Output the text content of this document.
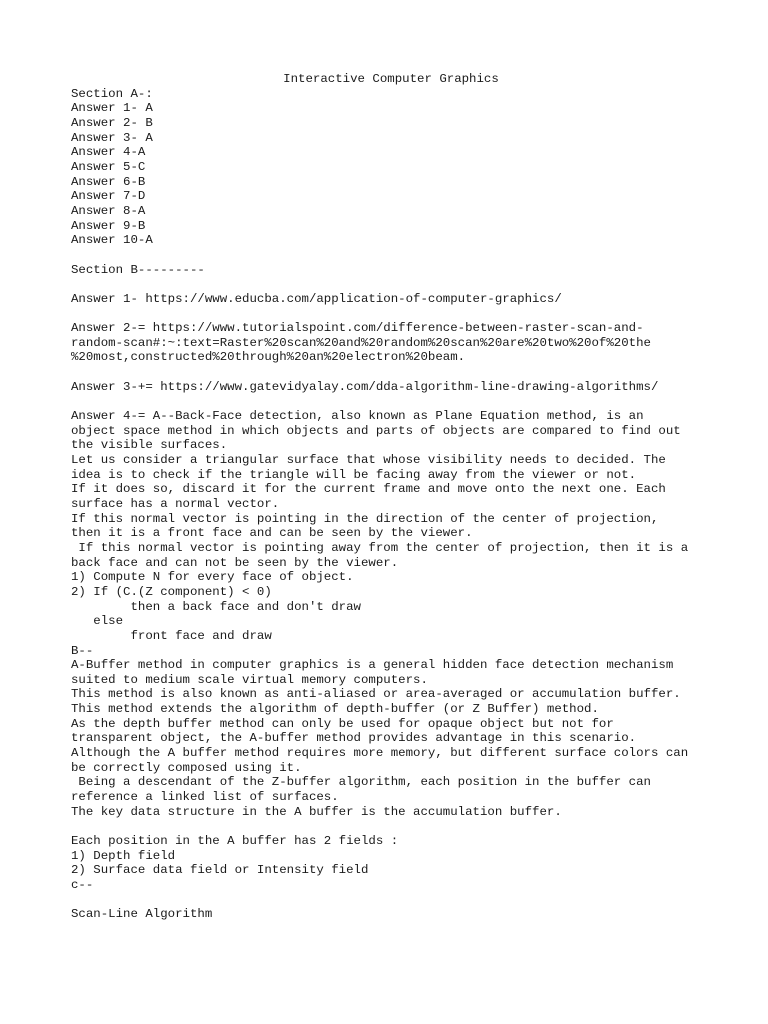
Interactive Computer Graphics

Section A-:

Answer 1- A

Answer 2- B

Answer 3- A

Answer 4-A

Answer 5-C

Answer 6-B

Answer 7-D

Answer 8-A

Answer 9-B

Answer 10-A

Section B---------

Answer 1- https://www.educba.com/application-of-computer-graphics/

Answer 2-= https://www.tutorialspoint.com/difference-between-raster-scan-and-

random-scan#:~:text=Raster%20scan%20and%20random%20scan%20are%20two%20of%20the

%20most,constructed%20through%20an%20electron%20beam.

Answer 3-+= https://www.gatevidyalay.com/dda-algorithm-line-drawing-algorithms/

Answer 4-= A--Back-Face detection, also known as Plane Equation method, is an

object space method in which objects and parts of objects are compared to find out

the visible surfaces.

Let us consider a triangular surface that whose visibility needs to decided. The

idea is to check if the triangle will be facing away from the viewer or not.

If it does so, discard it for the current frame and move onto the next one. Each

surface has a normal vector.

If this normal vector is pointing in the direction of the center of projection,

then it is a front face and can be seen by the viewer.

If this normal vector is pointing away from the center of projection, then it is a

back face and can not be seen by the viewer.

1) Compute N for every face of object.

2) If (C.(Z component) < 0)

then a back face and don't draw

else

front face and draw

B--

A-Buffer method in computer graphics is a general hidden face detection mechanism

suited to medium scale virtual memory computers.

This method is also known as anti-aliased or area-averaged or accumulation buffer.

This method extends the algorithm of depth-buffer (or Z Buffer) method.

As the depth buffer method can only be used for opaque object but not for

transparent object, the A-buffer method provides advantage in this scenario.

Although the A buffer method requires more memory, but different surface colors can

be correctly composed using it.

Being a descendant of the Z-buffer algorithm, each position in the buffer can

reference a linked list of surfaces.

The key data structure in the A buffer is the accumulation buffer.

Each position in the A buffer has 2 fields :

1) Depth field

2) Surface data field or Intensity field

c--

Scan-Line Algorithm
